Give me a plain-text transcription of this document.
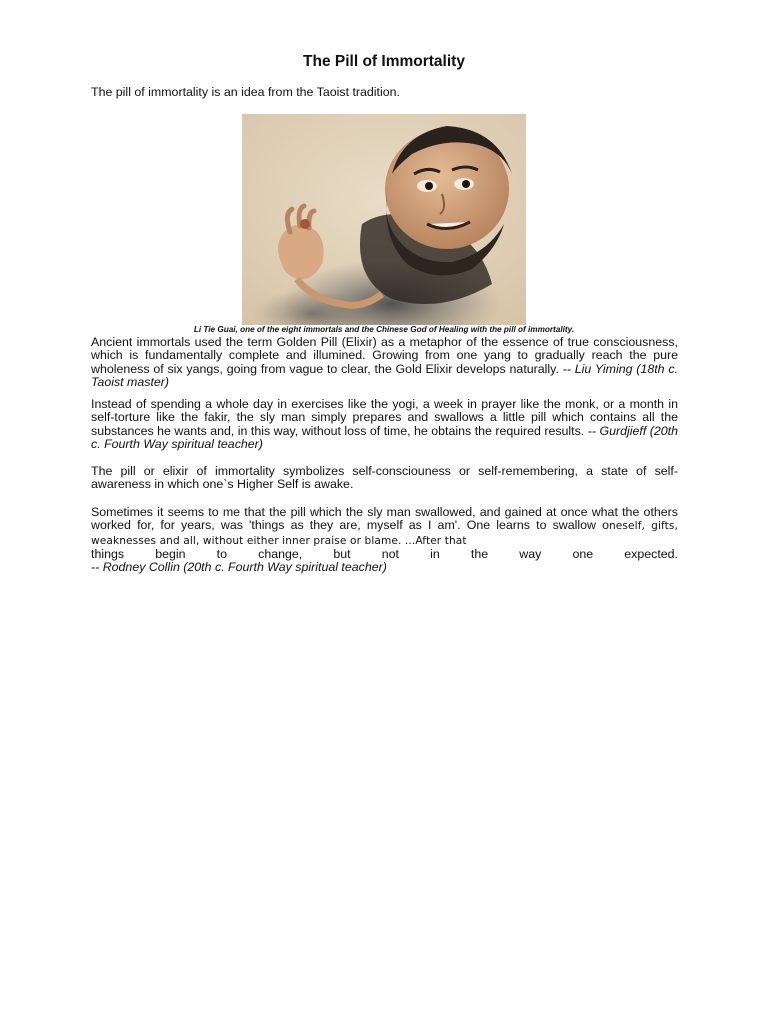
The Pill of Immortality
The pill of immortality is an idea from the Taoist tradition.
Li Tie Guai, one of the eight immortals and the Chinese God of Healing with the pill of immortality.

Ancient immortals used the term Golden Pill (Elixir) as a metaphor of the essence of true consciousness, which is fundamentally complete and illumined. Growing from one yang to gradually reach the pure wholeness of six yangs, going from vague to clear, the Gold Elixir develops naturally. -- Liu Yiming (18th c. Taoist master)

Instead of spending a whole day in exercises like the yogi, a week in prayer like the monk, or a month in self-torture like the fakir, the sly man simply prepares and swallows a little pill which contains all the substances he wants and, in this way, without loss of time, he obtains the required results. -- Gurdjieff (20th c. Fourth Way spiritual teacher)

The pill or elixir of immortality symbolizes self-consciouness or self-remembering, a state of self- awareness in which one`s Higher Self is awake.

Sometimes it seems to me that the pill which the sly man swallowed, and gained at once what the others worked for, for years, was 'things as they are, myself as I am'. One learns to swallow oneself, gifts, weaknesses and all, without either inner praise or blame. ...After that
things begin to change, but not in the way one expected.
-- Rodney Collin (20th c. Fourth Way spiritual teacher)
